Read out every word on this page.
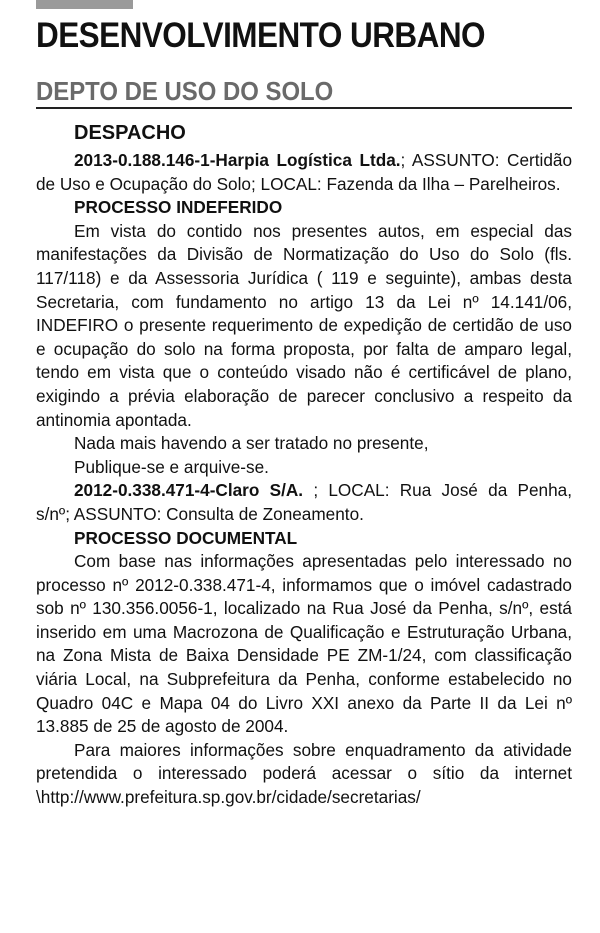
DESENVOLVIMENTO URBANO
DEPTO DE USO DO SOLO

DESPACHO

2013-0.188.146-1-Harpia Logística Ltda.; ASSUNTO: Certidão de Uso e Ocupação do Solo; LOCAL: Fazenda da Ilha – Parelheiros.

PROCESSO INDEFERIDO

Em vista do contido nos presentes autos, em especial das manifestações da Divisão de Normatização do Uso do Solo (fls. 117/118) e da Assessoria Jurídica ( 119 e seguinte), ambas desta Secretaria, com fundamento no artigo 13 da Lei nº 14.141/06, INDEFIRO o presente requerimento de expedição de certidão de uso e ocupação do solo na forma proposta, por falta de amparo legal, tendo em vista que o conteúdo visado não é certificável de plano, exigindo a prévia elaboração de parecer conclusivo a respeito da antinomia apontada.

Nada mais havendo a ser tratado no presente,

Publique-se e arquive-se.

2012-0.338.471-4-Claro S/A. ; LOCAL: Rua José da Penha, s/nº; ASSUNTO: Consulta de Zoneamento.

PROCESSO DOCUMENTAL

Com base nas informações apresentadas pelo interessado no processo nº 2012-0.338.471-4, informamos que o imóvel cadastrado sob nº 130.356.0056-1, localizado na Rua José da Penha, s/nº, está inserido em uma Macrozona de Qualificação e Estruturação Urbana, na Zona Mista de Baixa Densidade PE ZM-1/24, com classificação viária Local, na Subprefeitura da Penha, conforme estabelecido no Quadro 04C e Mapa 04 do Livro XXI anexo da Parte II da Lei nº 13.885 de 25 de agosto de 2004.

Para maiores informações sobre enquadramento da atividade pretendida o interessado poderá acessar o sítio da internet \http://www.prefeitura.sp.gov.br/cidade/secretarias/
